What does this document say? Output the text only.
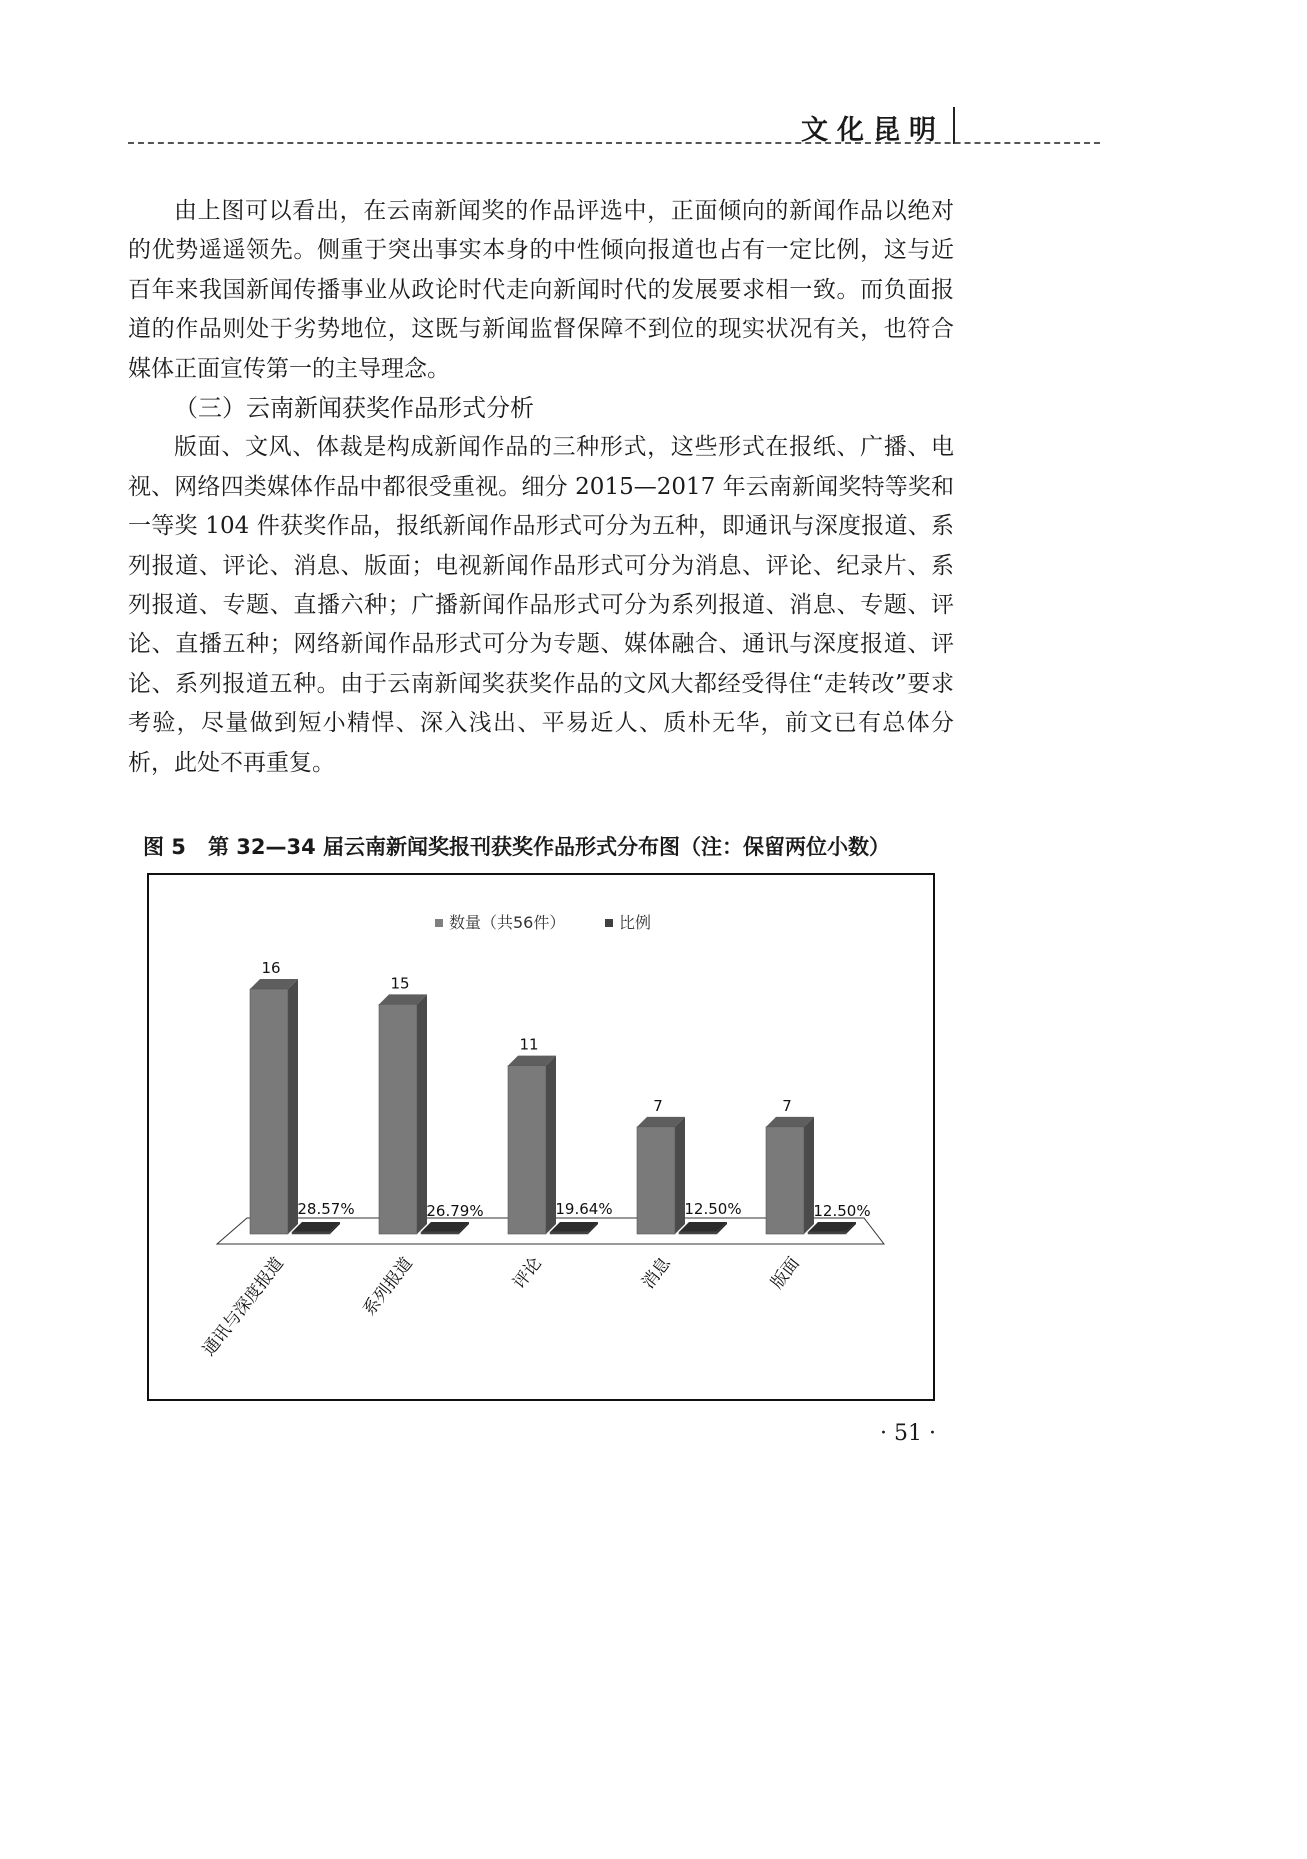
文化昆明

由上图可以看出，在云南新闻奖的作品评选中，正面倾向的新闻作品以绝对的优势遥遥领先。侧重于突出事实本身的中性倾向报道也占有一定比例，这与近百年来我国新闻传播事业从政论时代走向新闻时代的发展要求相一致。而负面报道的作品则处于劣势地位，这既与新闻监督保障不到位的现实状况有关，也符合媒体正面宣传第一的主导理念。

（三）云南新闻获奖作品形式分析

版面、文风、体裁是构成新闻作品的三种形式，这些形式在报纸、广播、电视、网络四类媒体作品中都很受重视。细分 2015—2017 年云南新闻奖特等奖和一等奖 104 件获奖作品，报纸新闻作品形式可分为五种，即通讯与深度报道、系列报道、评论、消息、版面；电视新闻作品形式可分为消息、评论、纪录片、系列报道、专题、直播六种；广播新闻作品形式可分为系列报道、消息、专题、评论、直播五种；网络新闻作品形式可分为专题、媒体融合、通讯与深度报道、评论、系列报道五种。由于云南新闻奖获奖作品的文风大都经受得住“走转改”要求考验，尽量做到短小精悍、深入浅出、平易近人、质朴无华，前文已有总体分析，此处不再重复。

图 5 第 32—34 届云南新闻奖报刊获奖作品形式分布图（注：保留两位小数）
数量（共56件）	比例
16
28.57%
通讯与深度报道
15
26.79%
系列报道
11
19.64%
评论
7
12.50%
消息
7
12.50%
版面
· 51 ·
